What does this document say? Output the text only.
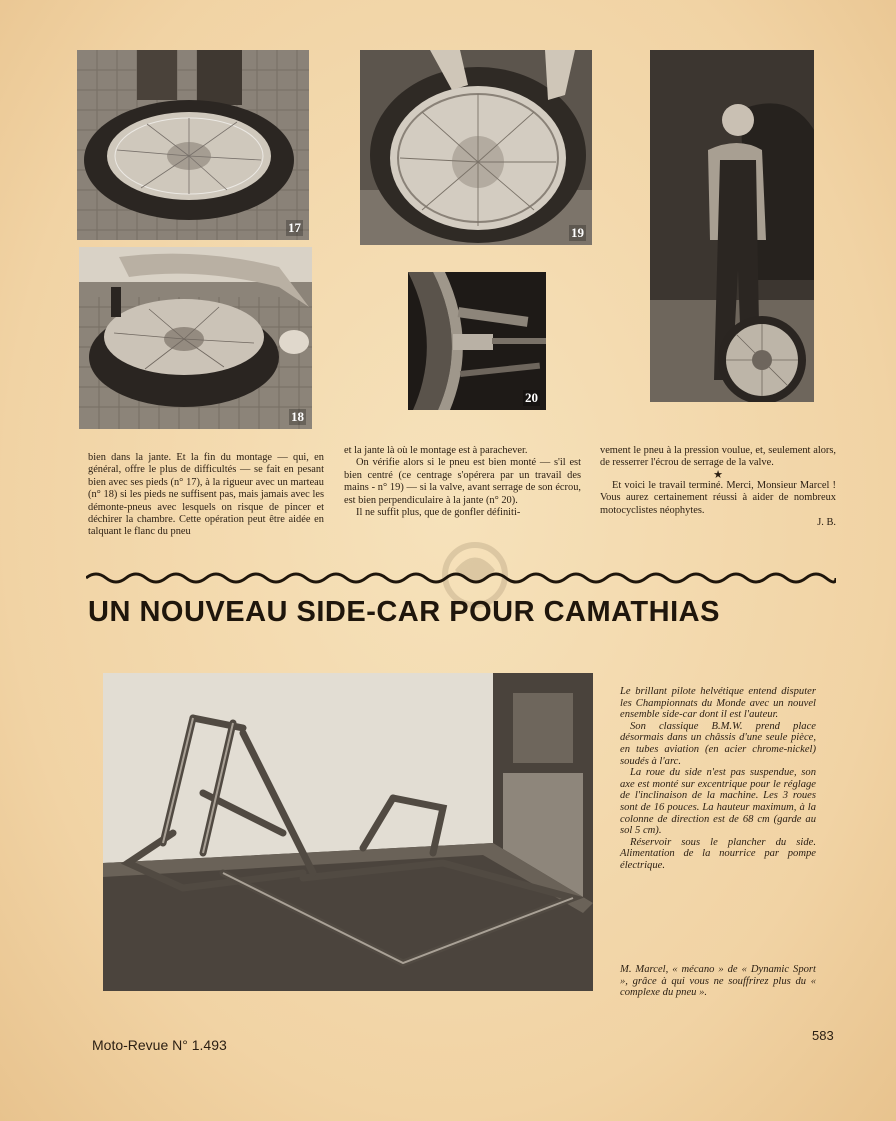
17
18
19
20

bien dans la jante. Et la fin du montage — qui, en général, offre le plus de difficultés — se fait en pesant bien avec ses pieds (n° 17), à la rigueur avec un marteau (n° 18) si les pieds ne suffisent pas, mais jamais avec les démonte-pneus avec lesquels on risque de pincer et déchirer la chambre. Cette opération peut être aidée en talquant le flanc du pneu

et la jante là où le montage est à parachever.

On vérifie alors si le pneu est bien monté — s'il est bien centré (ce centrage s'opérera par un travail des mains - n° 19) — si la valve, avant serrage de son écrou, est bien perpendiculaire à la jante (n° 20).

Il ne suffit plus, que de gonfler définiti-

vement le pneu à la pression voulue, et, seulement alors, de resserrer l'écrou de serrage de la valve.

★

Et voici le travail terminé. Merci, Monsieur Marcel ! Vous aurez certainement réussi à aider de nombreux motocyclistes néophytes.

J. B.

UN NOUVEAU SIDE-CAR POUR CAMATHIAS

Le brillant pilote helvétique entend disputer les Championnats du Monde avec un nouvel ensemble side-car dont il est l'auteur.

Son classique B.M.W. prend place désormais dans un châssis d'une seule pièce, en tubes aviation (en acier chrome-nickel) soudés à l'arc.

La roue du side n'est pas suspendue, son axe est monté sur excentrique pour le réglage de l'inclinaison de la machine. Les 3 roues sont de 16 pouces. La hauteur maximum, à la colonne de direction est de 68 cm (garde au sol 5 cm).

Réservoir sous le plancher du side. Alimentation de la nourrice par pompe électrique.

M. Marcel, « mécano » de « Dynamic Sport », grâce à qui vous ne souffrirez plus du « complexe du pneu ».

Moto-Revue N° 1.493
583
